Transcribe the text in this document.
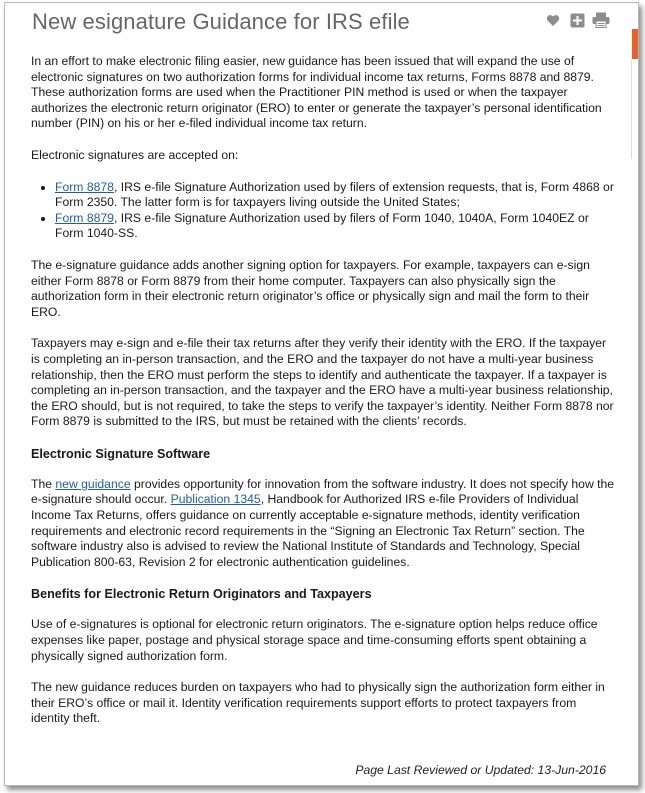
New esignature Guidance for IRS efile

In an effort to make electronic filing easier, new guidance has been issued that will expand the use of electronic signatures on two authorization forms for individual income tax returns, Forms 8878 and 8879. These authorization forms are used when the Practitioner PIN method is used or when the taxpayer authorizes the electronic return originator (ERO) to enter or generate the taxpayer’s personal identification number (PIN) on his or her e-filed individual income tax return.

Electronic signatures are accepted on:

• Form 8878, IRS e-file Signature Authorization used by filers of extension requests, that is, Form 4868 or Form 2350. The latter form is for taxpayers living outside the United States;
• Form 8879, IRS e-file Signature Authorization used by filers of Form 1040, 1040A, Form 1040EZ or Form 1040-SS.

The e-signature guidance adds another signing option for taxpayers. For example, taxpayers can e-sign either Form 8878 or Form 8879 from their home computer. Taxpayers can also physically sign the authorization form in their electronic return originator’s office or physically sign and mail the form to their ERO.

Taxpayers may e-sign and e-file their tax returns after they verify their identity with the ERO. If the taxpayer is completing an in-person transaction, and the ERO and the taxpayer do not have a multi-year business relationship, then the ERO must perform the steps to identify and authenticate the taxpayer. If a taxpayer is completing an in-person transaction, and the taxpayer and the ERO have a multi-year business relationship, the ERO should, but is not required, to take the steps to verify the taxpayer’s identity. Neither Form 8878 nor Form 8879 is submitted to the IRS, but must be retained with the clients’ records.

Electronic Signature Software

The new guidance provides opportunity for innovation from the software industry. It does not specify how the e-signature should occur. Publication 1345, Handbook for Authorized IRS e-file Providers of Individual Income Tax Returns, offers guidance on currently acceptable e-signature methods, identity verification requirements and electronic record requirements in the “Signing an Electronic Tax Return” section. The software industry also is advised to review the National Institute of Standards and Technology, Special Publication 800-63, Revision 2 for electronic authentication guidelines.

Benefits for Electronic Return Originators and Taxpayers

Use of e-signatures is optional for electronic return originators. The e-signature option helps reduce office expenses like paper, postage and physical storage space and time-consuming efforts spent obtaining a physically signed authorization form.

The new guidance reduces burden on taxpayers who had to physically sign the authorization form either in their ERO’s office or mail it. Identity verification requirements support efforts to protect taxpayers from identity theft.

Page Last Reviewed or Updated: 13-Jun-2016
